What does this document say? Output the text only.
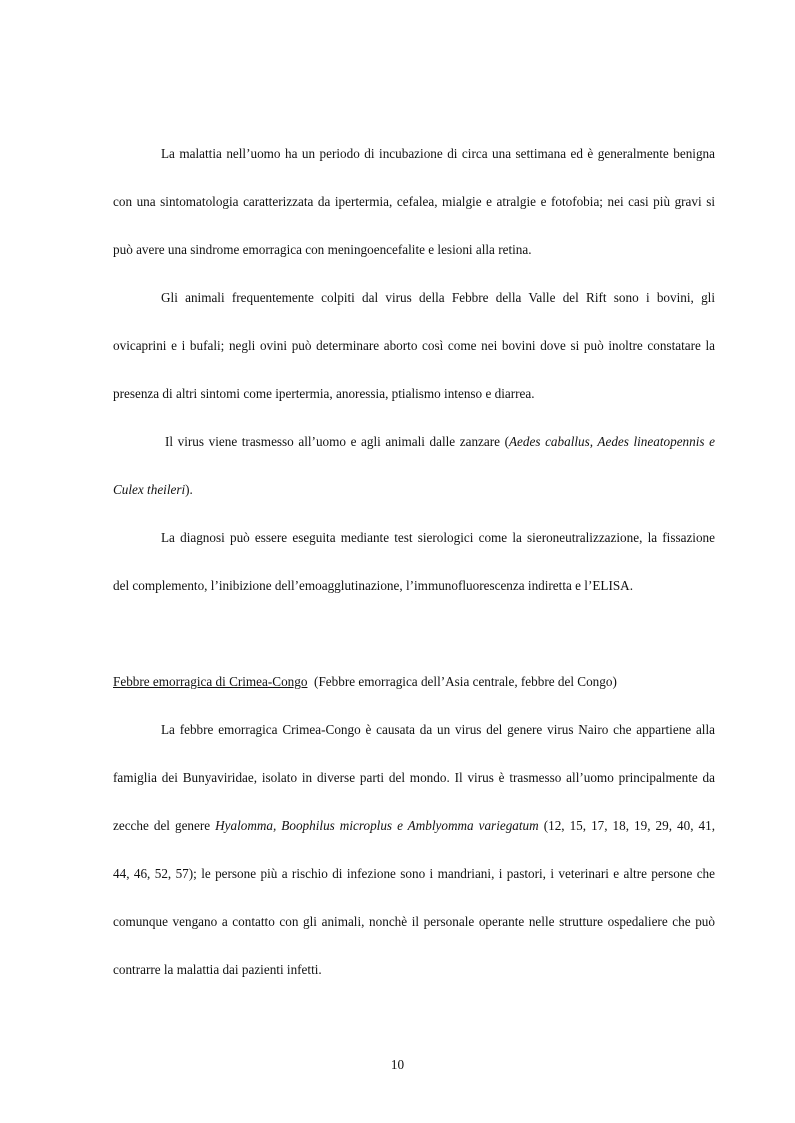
La malattia nell’uomo ha un periodo di incubazione di circa una settimana ed è generalmente benigna
con una sintomatologia caratterizzata da ipertermia, cefalea, mialgie e atralgie e fotofobia; nei casi più gravi si
può avere una sindrome emorragica con meningoencefalite e lesioni alla retina.
Gli animali frequentemente colpiti dal virus della Febbre della Valle del Rift sono i bovini, gli
ovicaprini e i bufali; negli ovini può determinare aborto così come nei bovini dove si può inoltre constatare la
presenza di altri sintomi come ipertermia, anoressia, ptialismo intenso e diarrea.
Il virus viene trasmesso all’uomo e agli animali dalle zanzare (Aedes caballus, Aedes lineatopennis e
Culex theileri).
La diagnosi può essere eseguita mediante test sierologici come la sieroneutralizzazione, la fissazione
del complemento, l’inibizione dell’emoagglutinazione, l’immunofluorescenza indiretta e l’ELISA.
Febbre emorragica di Crimea-Congo (Febbre emorragica dell’Asia centrale, febbre del Congo)
La febbre emorragica Crimea-Congo è causata da un virus del genere virus Nairo che appartiene alla
famiglia dei Bunyaviridae, isolato in diverse parti del mondo. Il virus è trasmesso all’uomo principalmente da
zecche del genere Hyalomma, Boophilus microplus e Amblyomma variegatum (12, 15, 17, 18, 19, 29, 40, 41,
44, 46, 52, 57); le persone più a rischio di infezione sono i mandriani, i pastori, i veterinari e altre persone che
comunque vengano a contatto con gli animali, nonchè il personale operante nelle strutture ospedaliere che può
contrarre la malattia dai pazienti infetti.
10
